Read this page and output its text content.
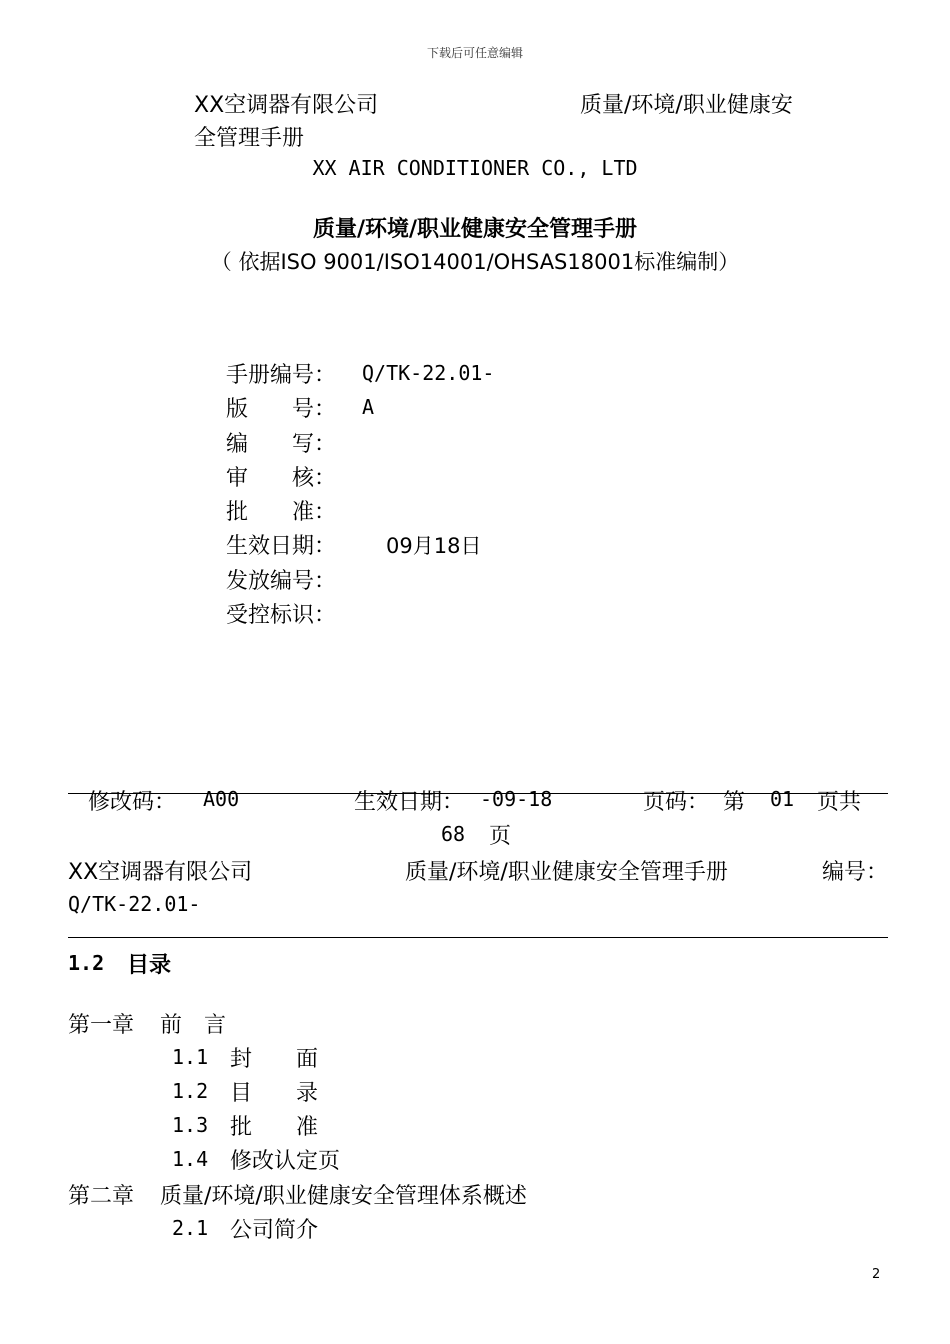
下载后可任意编辑
XX空调器有限公司	质量/环境/职业健康安
全管理手册
XX AIR CONDITIONER CO., LTD
质量/环境/职业健康安全管理手册
（ 依据ISO 9001/ISO14001/OHSAS18001标准编制）
手册编号： Q/TK-22.01-
版　　号： A
编　　写：
审　　核：
批　　准：
生效日期： 09月18日
发放编号：
受控标识：
修改码： A00	生效日期： -09-18	页码： 第 01 页共
68 页
XX空调器有限公司	质量/环境/职业健康安全管理手册	编号：
Q/TK-22.01-
1.2 目录
第一章 前　言
1.1 封　　面
1.2 目　　录
1.3 批　　准
1.4 修改认定页
第二章 质量/环境/职业健康安全管理体系概述
2.1 公司简介
2
